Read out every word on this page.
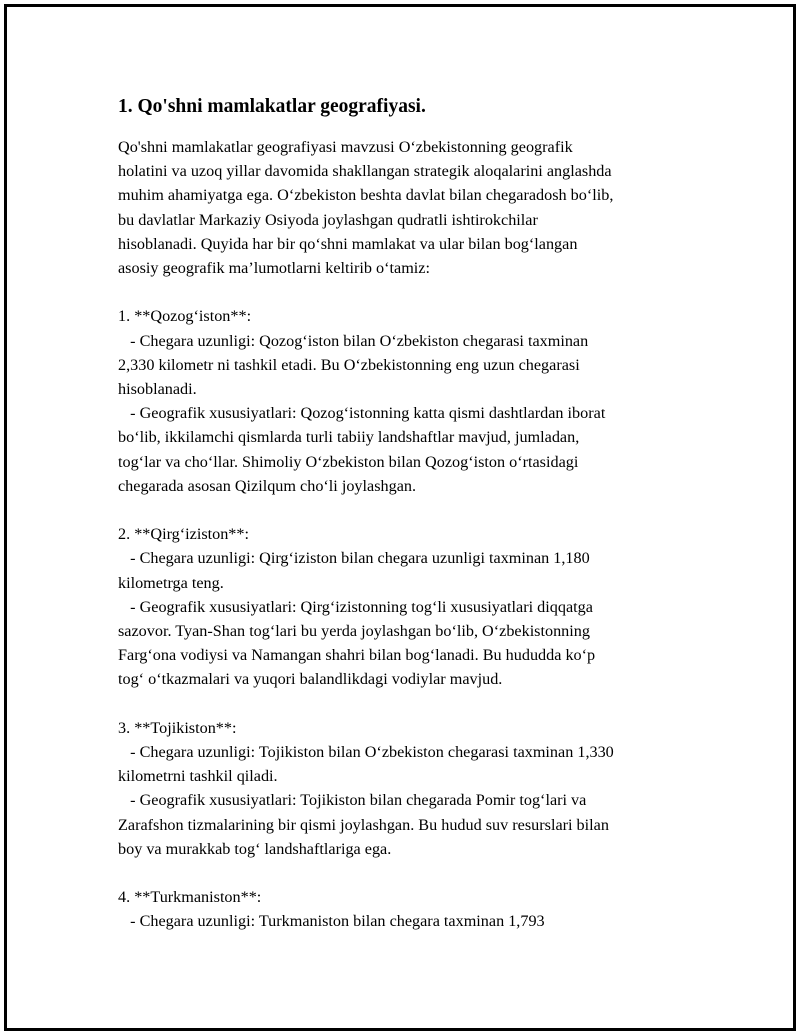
1. Qo'shni mamlakatlar geografiyasi.

Qo'shni mamlakatlar geografiyasi mavzusi O‘zbekistonning geografik
holatini va uzoq yillar davomida shakllangan strategik aloqalarini anglashda
muhim ahamiyatga ega. O‘zbekiston beshta davlat bilan chegaradosh bo‘lib,
bu davlatlar Markaziy Osiyoda joylashgan qudratli ishtirokchilar
hisoblanadi. Quyida har bir qo‘shni mamlakat va ular bilan bog‘langan
asosiy geografik ma’lumotlarni keltirib o‘tamiz:

1. **Qozog‘iston**:

- Chegara uzunligi: Qozog‘iston bilan O‘zbekiston chegarasi taxminan
2,330 kilometr ni tashkil etadi. Bu O‘zbekistonning eng uzun chegarasi
hisoblanadi.

- Geografik xususiyatlari: Qozog‘istonning katta qismi dashtlardan iborat
bo‘lib, ikkilamchi qismlarda turli tabiiy landshaftlar mavjud, jumladan,
tog‘lar va cho‘llar. Shimoliy O‘zbekiston bilan Qozog‘iston o‘rtasidagi
chegarada asosan Qizilqum cho‘li joylashgan.

2. **Qirg‘iziston**:

- Chegara uzunligi: Qirg‘iziston bilan chegara uzunligi taxminan 1,180
kilometrga teng.

- Geografik xususiyatlari: Qirg‘izistonning tog‘li xususiyatlari diqqatga
sazovor. Tyan-Shan tog‘lari bu yerda joylashgan bo‘lib, O‘zbekistonning
Farg‘ona vodiysi va Namangan shahri bilan bog‘lanadi. Bu hududda ko‘p
tog‘ o‘tkazmalari va yuqori balandlikdagi vodiylar mavjud.

3. **Tojikiston**:

- Chegara uzunligi: Tojikiston bilan O‘zbekiston chegarasi taxminan 1,330
kilometrni tashkil qiladi.

- Geografik xususiyatlari: Tojikiston bilan chegarada Pomir tog‘lari va
Zarafshon tizmalarining bir qismi joylashgan. Bu hudud suv resurslari bilan
boy va murakkab tog‘ landshaftlariga ega.

4. **Turkmaniston**:

- Chegara uzunligi: Turkmaniston bilan chegara taxminan 1,793
